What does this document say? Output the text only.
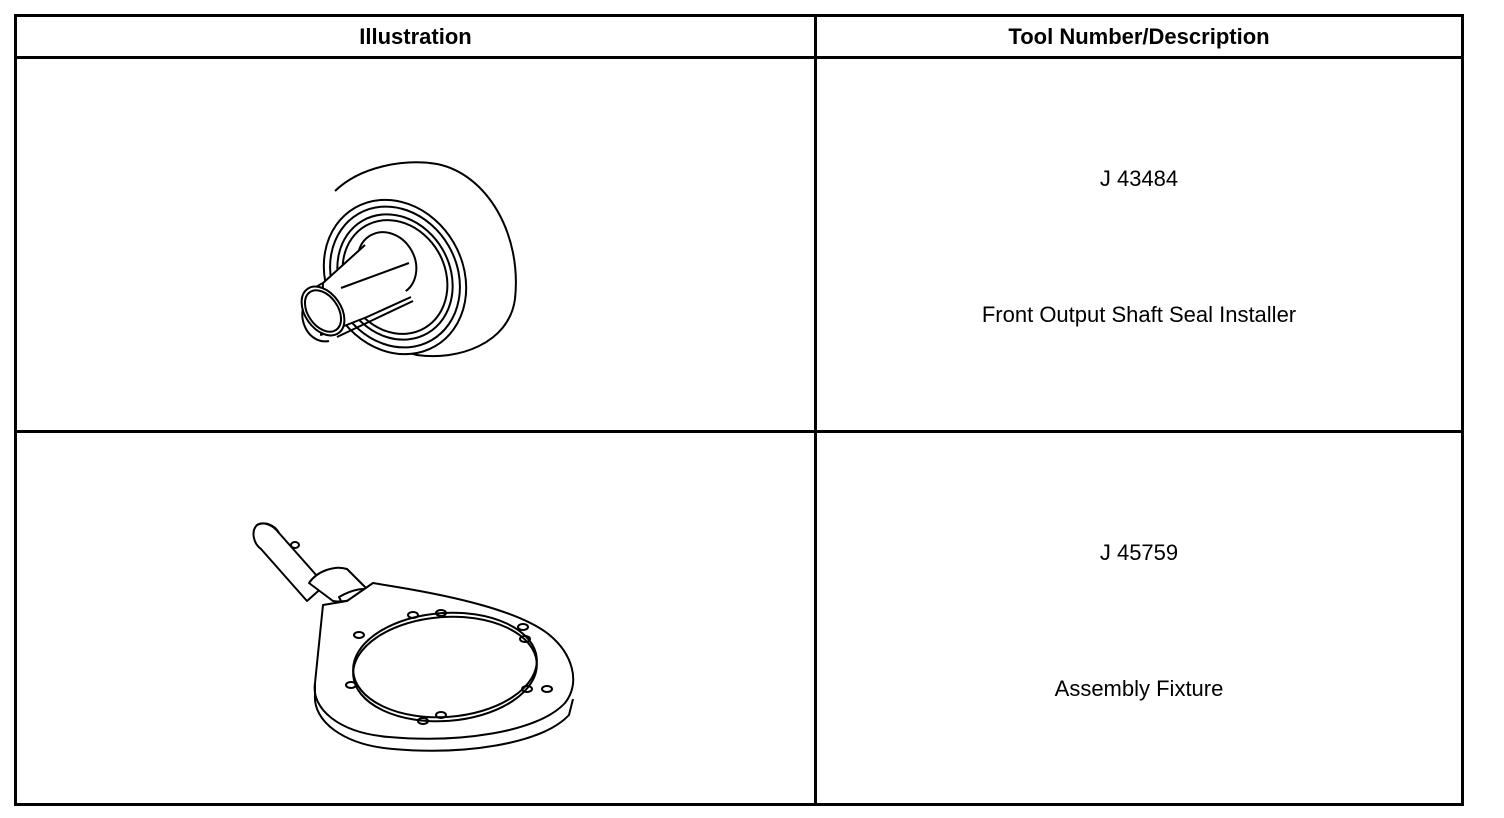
Illustration	Tool Number/Description
J 43484
Front Output Shaft Seal Installer
J 45759
Assembly Fixture
